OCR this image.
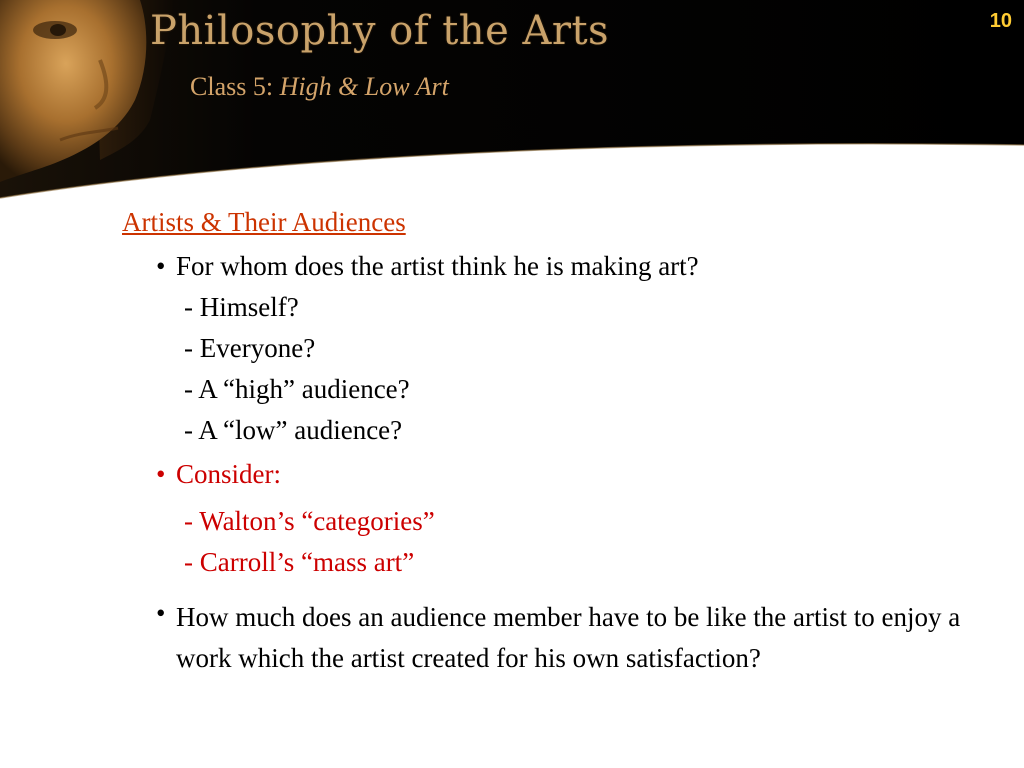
Philosophy of the Arts
Class 5: High & Low Art
10
Artists & Their Audiences
• For whom does the artist think he is making art?
- Himself?
- Everyone?
- A “high” audience?
- A “low” audience?
• Consider:
- Walton’s “categories”
- Carroll’s “mass art”
• How much does an audience member have to be like the artist to enjoy a work which the artist created for his own satisfaction?
